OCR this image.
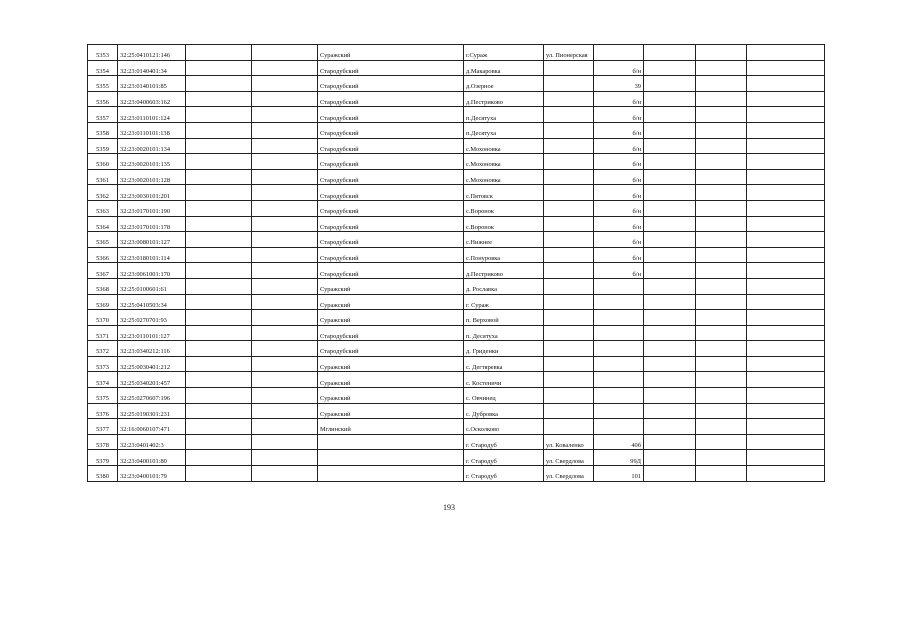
5353	32:25:0410121:146			Суражский	г.Сураж	ул. Пионерская				
5354	32:23:0140401:34			Стародубский	д.Макаровка		б/н			
5355	32:23:0140101:85			Стародубский	д.Озерное		39			
5356	32:23:0400603:162			Стародубский	д.Пестриково		б/н			
5357	32:23:0110101:124			Стародубский	п.Десятуха		б/н			
5358	32:23:0110101:138			Стародубский	п.Десятуха		б/н			
5359	32:23:0020101:134			Стародубский	с.Мохоновка		б/н			
5360	32:23:0020101:135			Стародубский	с.Мохоновка		б/н			
5361	32:23:0020101:128			Стародубский	с.Мохоновка		б/н			
5362	32:23:0030101:201			Стародубский	с.Пятовск		б/н			
5363	32:23:0170101:190			Стародубский	с.Воронок		б/н			
5364	32:23:0170101:178			Стародубский	с.Воронок		б/н			
5365	32:23:0080101:127			Стародубский	с.Нижнее		б/н			
5366	32:23:0180101:114			Стародубский	с.Понуровка		б/н			
5367	32:23:0061001:170			Стародубский	д.Пестриково		б/н			
5368	32:25:0100601:61			Суражский	д. Рославка					
5369	32:25:0410503:34			Суражский	г. Сураж					
5370	32:25:0270701:93			Суражский	п. Верховой					
5371	32:23:0110101:127			Стародубский	п. Десятуха					
5372	32:23:0340212:116			Стародубский	д. Гриденки					
5373	32:25:0030401:212			Суражский	с. Дегтяревка					
5374	32:25:0340201:457			Суражский	с. Костеничи					
5375	32:25:0270607:196			Суражский	с. Овчинец					
5376	32:25:0190301:231			Суражский	с. Дубровка					
5377	32:16:0060107:471			Мглинский	с.Осколково					
5378	32:23:0401402:3				г. Стародуб	ул. Коваленко	40б			
5379	32:23:0400101:80				г. Стародуб	ул. Свердлова	99Д			
5380	32:23:0400101:79				г. Стародуб	ул. Свердлова	101			
193
